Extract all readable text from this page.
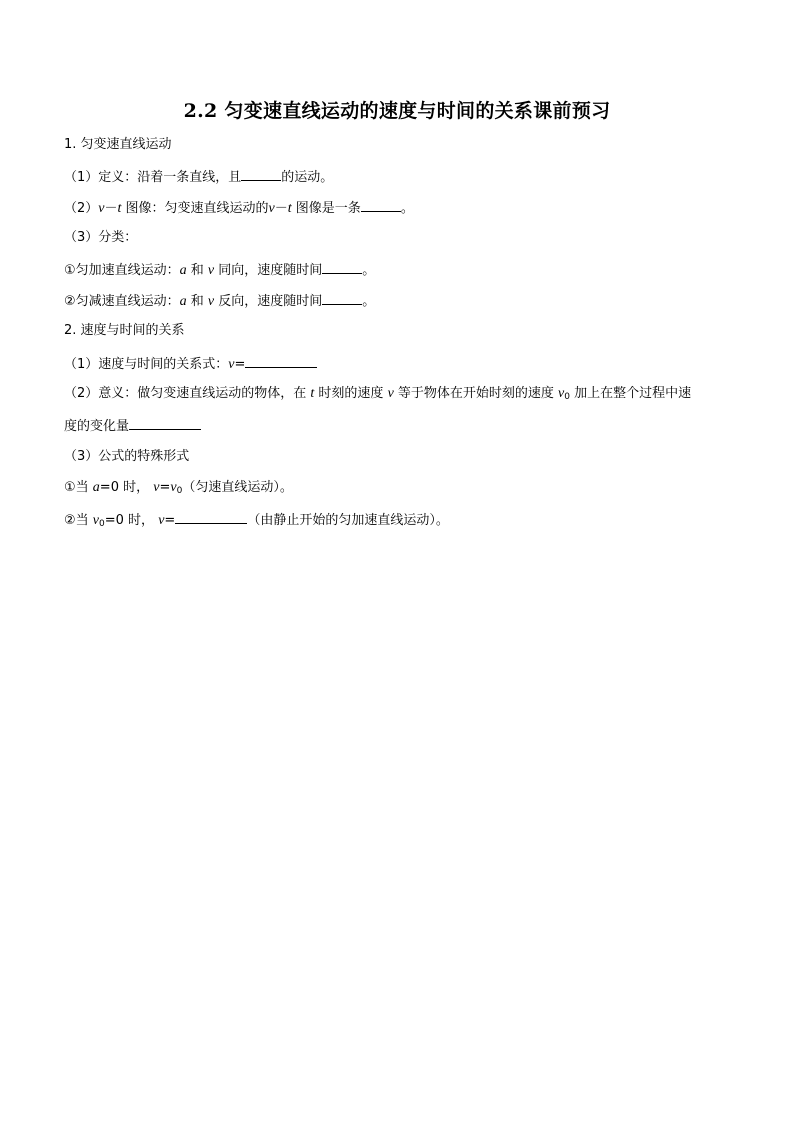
2.2 匀变速直线运动的速度与时间的关系课前预习
1. 匀变速直线运动
（1）定义：沿着一条直线，且	的运动。
（2）v－t 图像：匀变速直线运动的v－t 图像是一条	。
（3）分类：
①匀加速直线运动：a 和 v 同向，速度随时间	。
②匀减速直线运动：a 和 v 反向，速度随时间	。
2. 速度与时间的关系
（1）速度与时间的关系式：v=
（2）意义：做匀变速直线运动的物体，在 t 时刻的速度 v 等于物体在开始时刻的速度 $v_0$ 加上在整个过程中速
度的变化量
（3）公式的特殊形式
①当 a=0 时， $v=v_0$（匀速直线运动）。
②当 $v_0=0$ 时， v=	（由静止开始的匀加速直线运动）。
